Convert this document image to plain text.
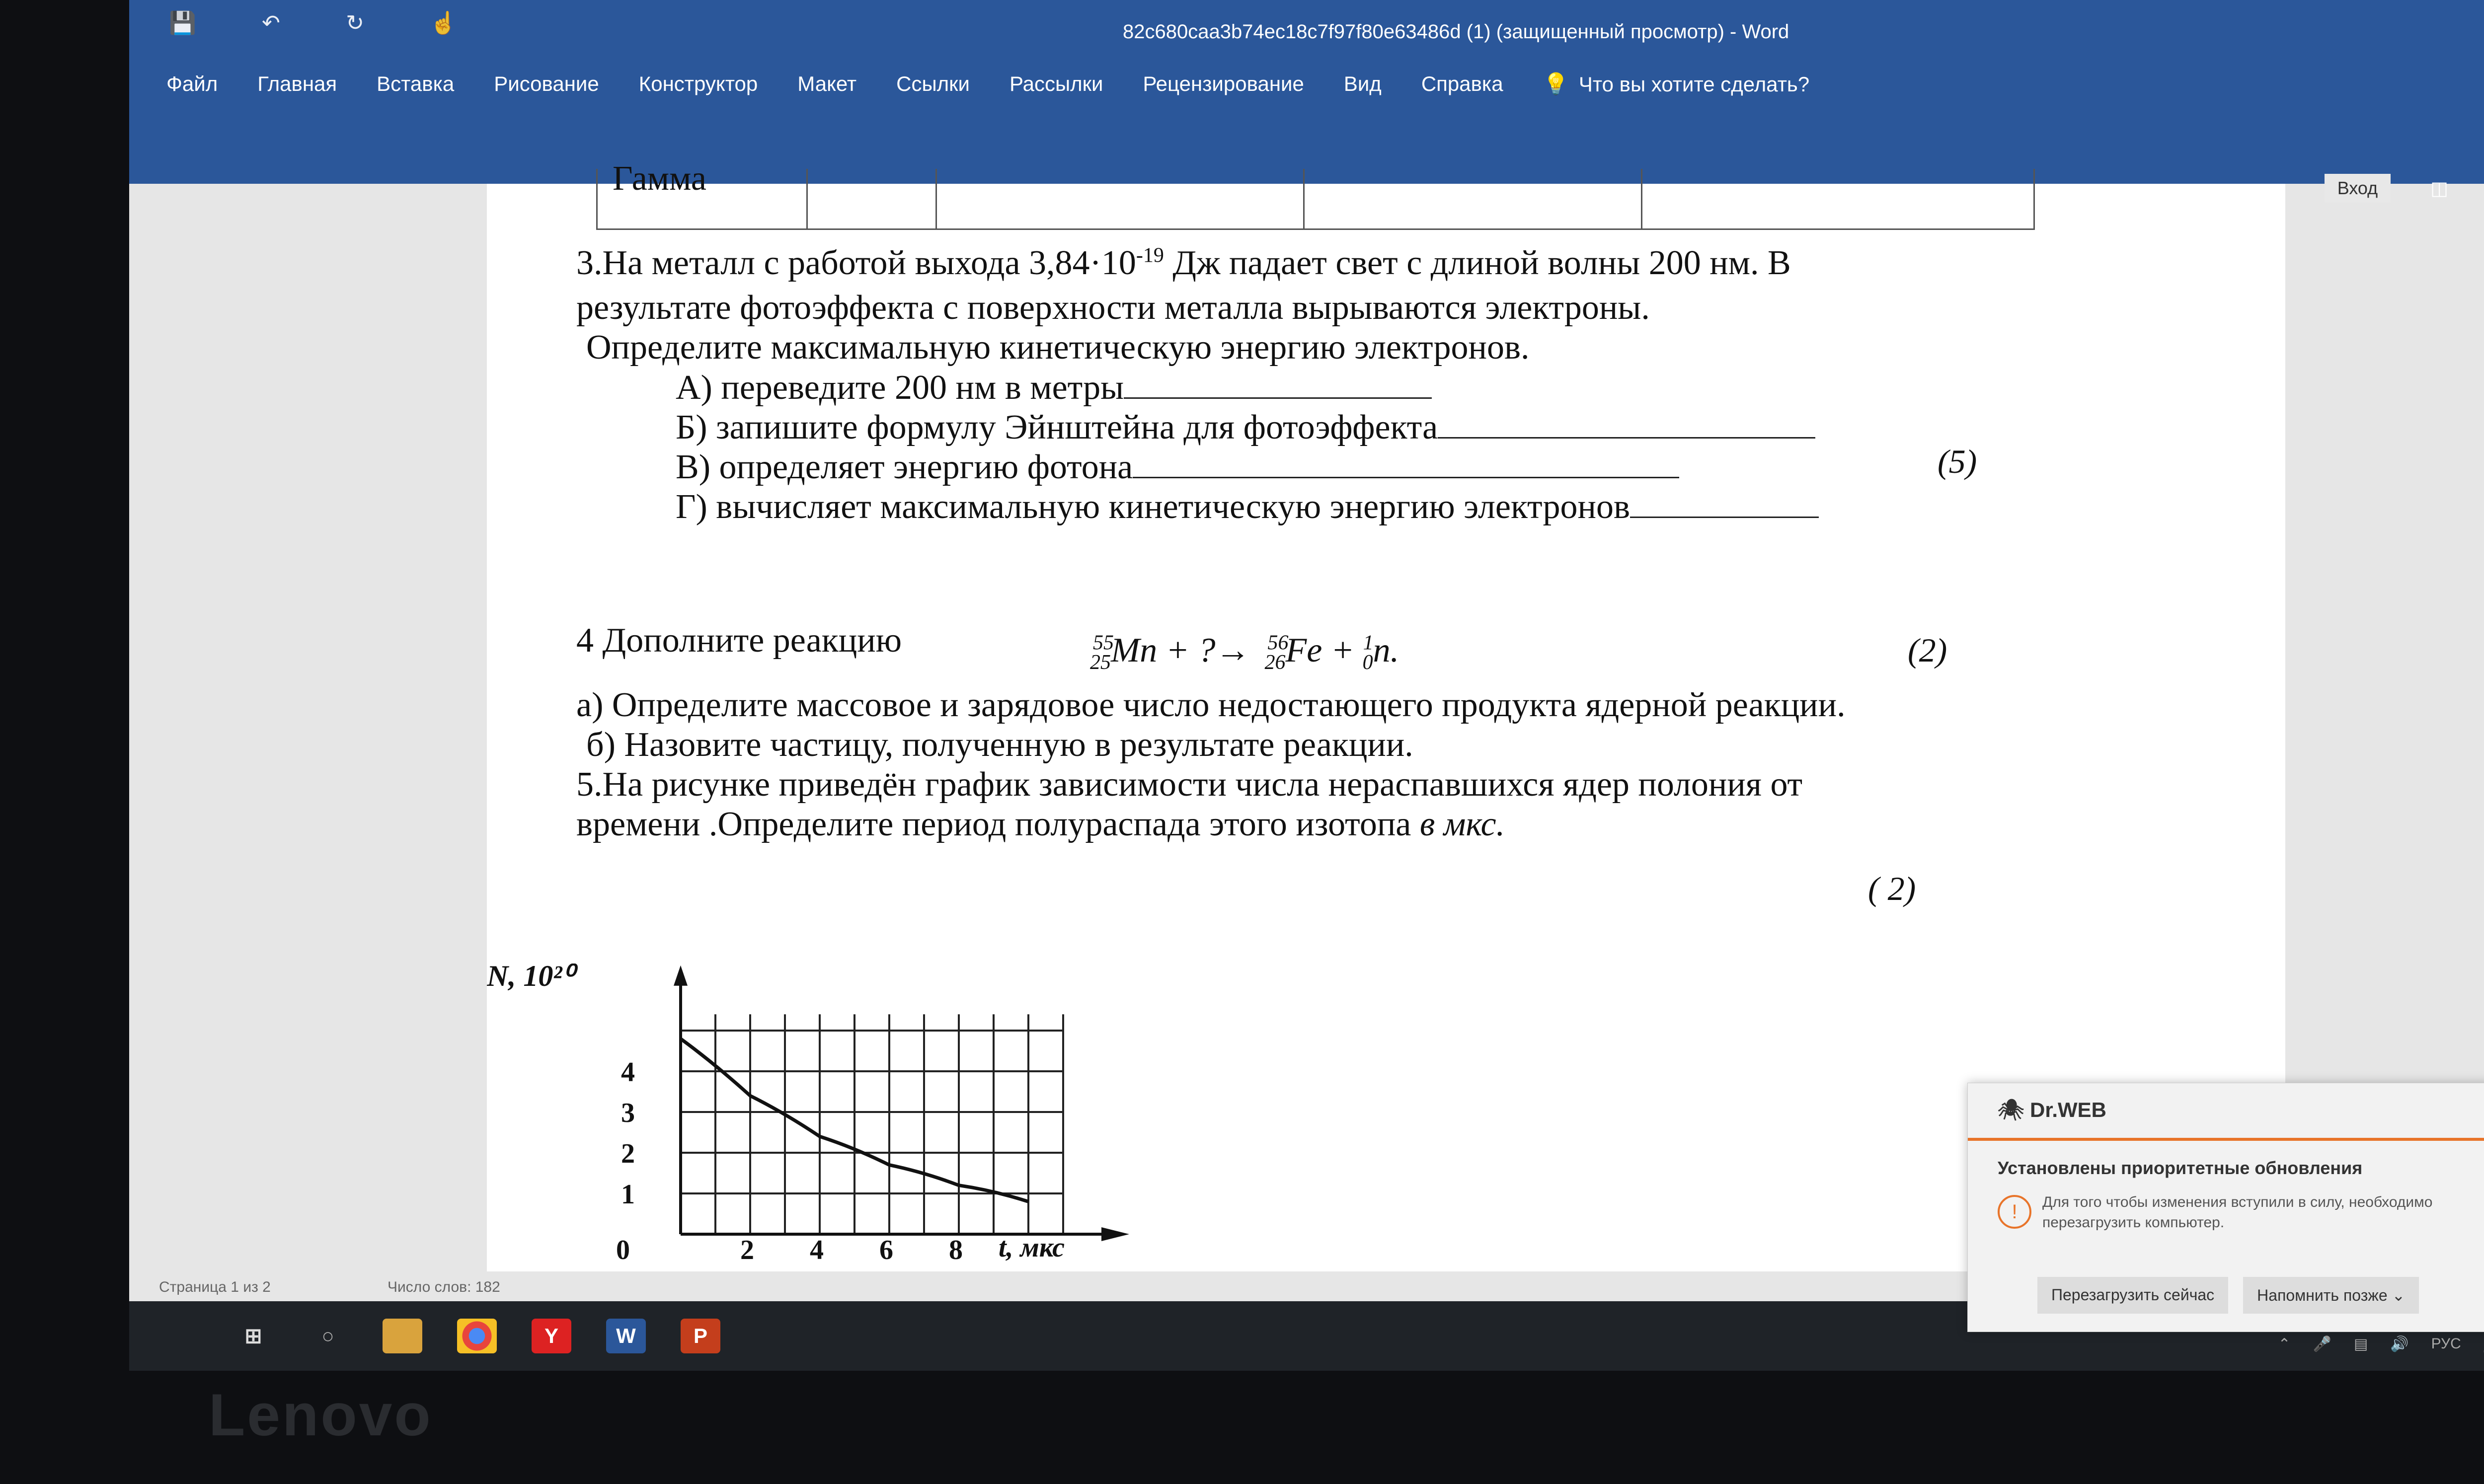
💾	↶	↻	☝	82c680caa3b74ec18c7f97f80e63486d (1) (защищенный просмотр) - Word
Файл Главная Вставка Рисование Конструктор Макет Ссылки Рассылки Рецензирование Вид Справка 💡 Что вы хотите сделать?
Вход	◫
Гамма
3.На металл с работой выхода $3,84\cdot 10^{-19}$ Дж падает свет с длиной волны 200 нм. В
результате фотоэффекта с поверхности металла вырываются электроны.
Определите максимальную кинетическую энергию электронов.
А) переведите 200 нм в метры
Б) запишите формулу Эйнштейна для фотоэффекта
В) определяет энергию фотона
Г) вычисляет максимальную кинетическую энергию электронов
(5)
4 Дополните реакцию	$^{55}_{25}$Mn + ?→  $^{56}_{26}$Fe + $^1_0$n.	(2)
а) Определите массовое и зарядовое число недостающего продукта ядерной реакции.
б) Назовите частицу, полученную в результате реакции.
5.На рисунке приведён график зависимости числа нераспавшихся ядер полония от
времени .Определите период полураспада этого изотопа в мкс.
( 2)
0	2 4 6 8
1
2
3
4
N, 10²⁰
t, мкс
Страница 1 из 2	Число слов: 182
⊞	○	Y	W	P	⌃ 🎤 ▤ 🔊 РУС
🕷 Dr.WEB
Установлены приоритетные обновления
!	Для того чтобы изменения вступили в силу, необходимо перезагрузить компьютер.
Перезагрузить сейчас	Напомнить позже ⌄
Lenovo
